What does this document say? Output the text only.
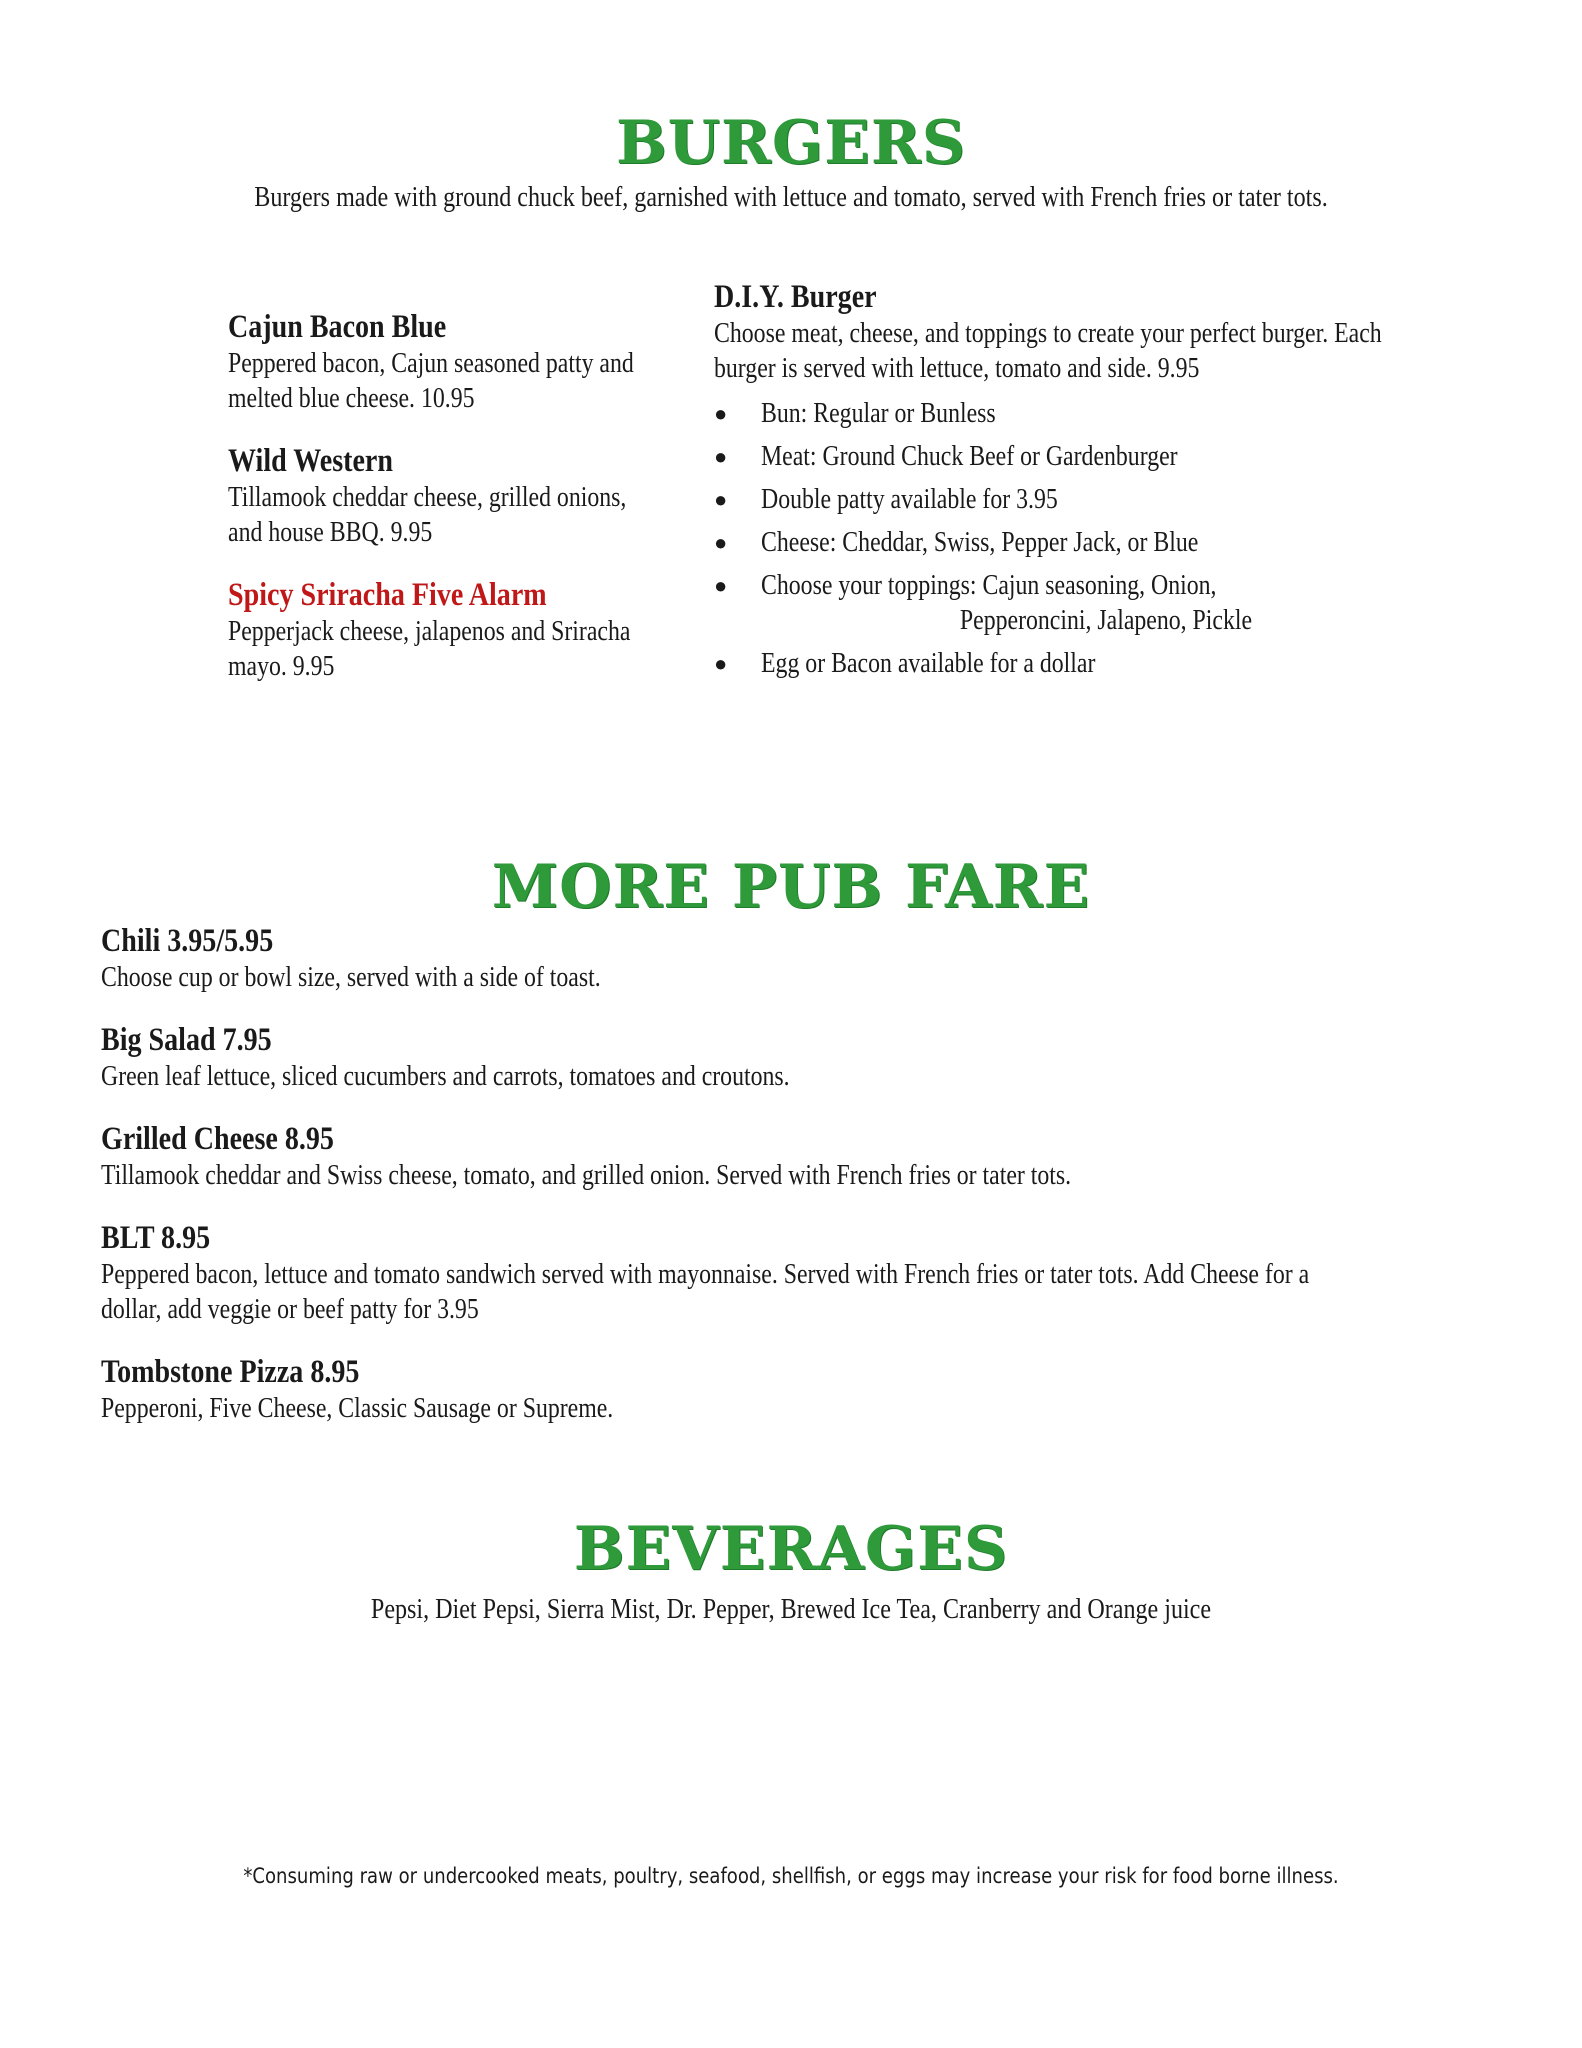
BURGERS

Burgers made with ground chuck beef, garnished with lettuce and tomato, served with French fries or tater tots.

Cajun Bacon Blue

Peppered bacon, Cajun seasoned patty and melted blue cheese. 10.95

Wild Western

Tillamook cheddar cheese, grilled onions, and house BBQ. 9.95

Spicy Sriracha Five Alarm

Pepperjack cheese, jalapenos and Sriracha mayo. 9.95

D.I.Y. Burger

Choose meat, cheese, and toppings to create your perfect burger. Each burger is served with lettuce, tomato and side. 9.95

● Bun: Regular or Bunless
● Meat: Ground Chuck Beef or Gardenburger
● Double patty available for 3.95
● Cheese: Cheddar, Swiss, Pepper Jack, or Blue
● Choose your toppings: Cajun seasoning, Onion,
Pepperoncini, Jalapeno, Pickle
● Egg or Bacon available for a dollar
MORE PUB FARE

Chili 3.95/5.95

Choose cup or bowl size, served with a side of toast.

Big Salad 7.95

Green leaf lettuce, sliced cucumbers and carrots, tomatoes and croutons.

Grilled Cheese 8.95

Tillamook cheddar and Swiss cheese, tomato, and grilled onion. Served with French fries or tater tots.

BLT 8.95

Peppered bacon, lettuce and tomato sandwich served with mayonnaise. Served with French fries or tater tots. Add Cheese for a dollar, add veggie or beef patty for 3.95

Tombstone Pizza 8.95

Pepperoni, Five Cheese, Classic Sausage or Supreme.

BEVERAGES

Pepsi, Diet Pepsi, Sierra Mist, Dr. Pepper, Brewed Ice Tea, Cranberry and Orange juice

*Consuming raw or undercooked meats, poultry, seafood, shellfish, or eggs may increase your risk for food borne illness.
